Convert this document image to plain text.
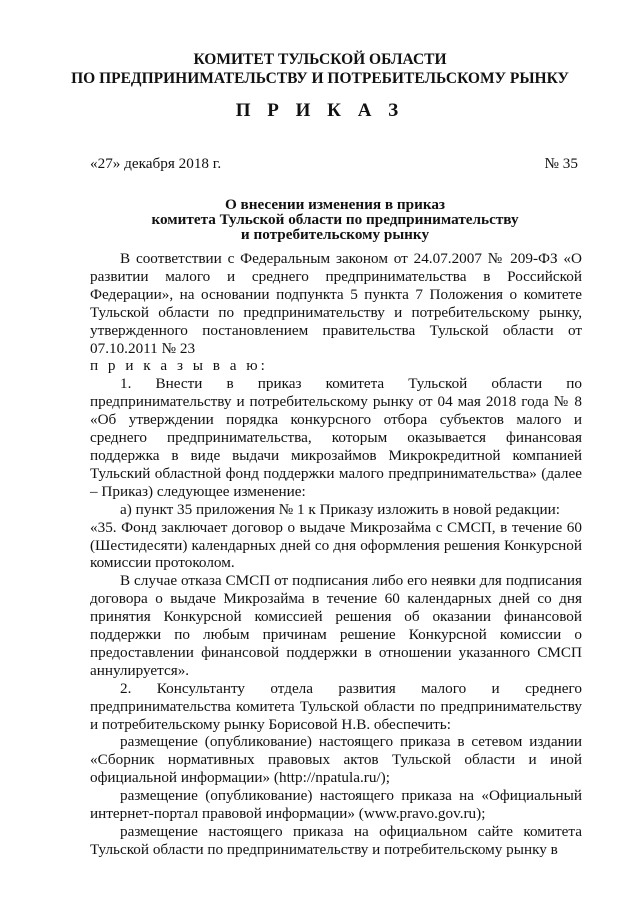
КОМИТЕТ ТУЛЬСКОЙ ОБЛАСТИ
ПО ПРЕДПРИНИМАТЕЛЬСТВУ И ПОТРЕБИТЕЛЬСКОМУ РЫНКУ
П Р И К А З
«27» декабря 2018 г.	№ 35
О внесении изменения в приказ
комитета Тульской области по предпринимательству
и потребительскому рынку

В соответствии с Федеральным законом от 24.07.2007 № 209-ФЗ «О развитии малого и среднего предпринимательства в Российской Федерации», на основании подпункта 5 пункта 7 Положения о комитете Тульской области по предпринимательству и потребительскому рынку, утвержденного постановлением правительства Тульской области от 07.10.2011 № 23

п р и к а з ы в а ю:

1. Внести в приказ комитета Тульской области по предпринимательству и потребительскому рынку от 04 мая 2018 года № 8 «Об утверждении порядка конкурсного отбора субъектов малого и среднего предпринимательства, которым оказывается финансовая поддержка в виде выдачи микрозаймов Микрокредитной компанией Тульский областной фонд поддержки малого предпринимательства» (далее – Приказ) следующее изменение:

а) пункт 35 приложения № 1 к Приказу изложить в новой редакции:

«35. Фонд заключает договор о выдаче Микрозайма с СМСП, в течение 60 (Шестидесяти) календарных дней со дня оформления решения Конкурсной комиссии протоколом.

В случае отказа СМСП от подписания либо его неявки для подписания договора о выдаче Микрозайма в течение 60 календарных дней со дня принятия Конкурсной комиссией решения об оказании финансовой поддержки по любым причинам решение Конкурсной комиссии о предоставлении финансовой поддержки в отношении указанного СМСП аннулируется».

2. Консультанту отдела развития малого и среднего предпринимательства комитета Тульской области по предпринимательству и потребительскому рынку Борисовой Н.В. обеспечить:

размещение (опубликование) настоящего приказа в сетевом издании «Сборник нормативных правовых актов Тульской области и иной официальной информации» (http://npatula.ru/);

размещение (опубликование) настоящего приказа на «Официальный интернет-портал правовой информации» (www.pravo.gov.ru);

размещение настоящего приказа на официальном сайте комитета Тульской области по предпринимательству и потребительскому рынку в
